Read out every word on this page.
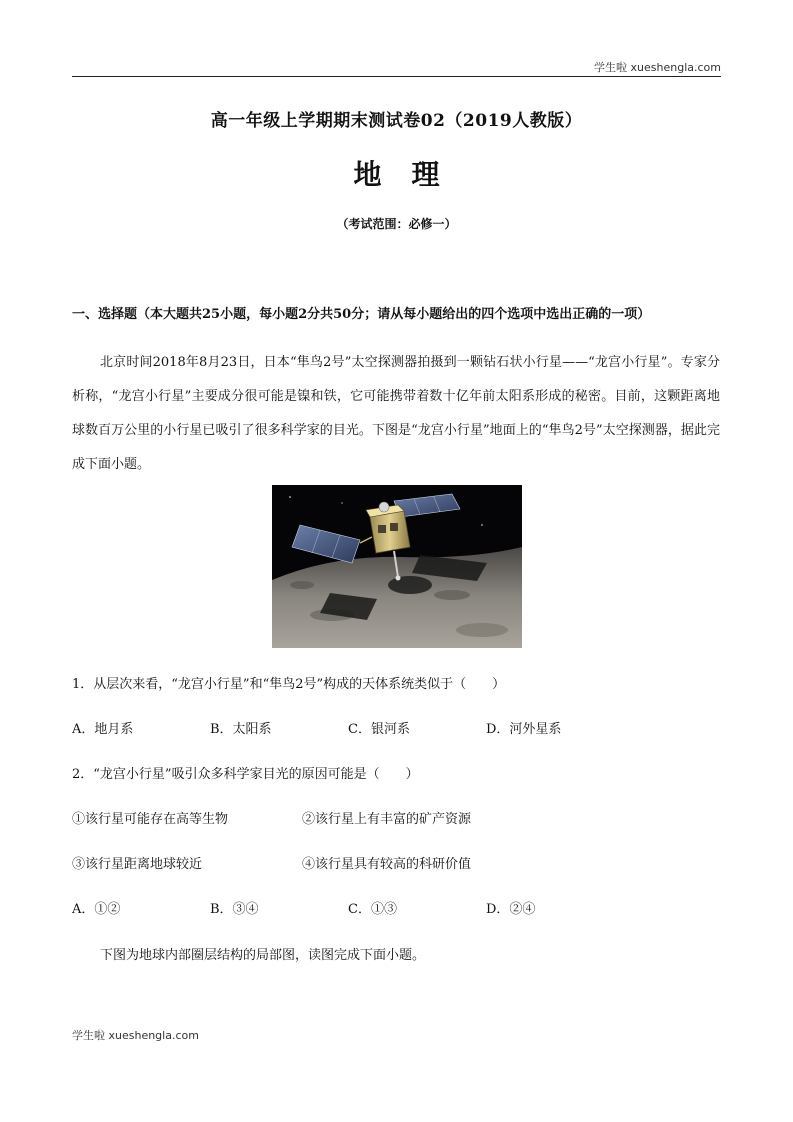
学生啦 xueshengla.com
高一年级上学期期末测试卷02（2019人教版）
地理
（考试范围：必修一）
一、选择题（本大题共25小题，每小题2分共50分；请从每小题给出的四个选项中选出正确的一项）

北京时间2018年8月23日，日本“隼鸟2号”太空探测器拍摄到一颗钻石状小行星——“龙宫小行星”。专家分析称，“龙宫小行星”主要成分很可能是镍和铁，它可能携带着数十亿年前太阳系形成的秘密。目前，这颗距离地球数百万公里的小行星已吸引了很多科学家的目光。下图是“龙宫小行星”地面上的“隼鸟2号”太空探测器，据此完成下面小题。

1．从层次来看，“龙宫小行星”和“隼鸟2号”构成的天体系统类似于（　　）
A．地月系	B．太阳系	C．银河系	D．河外星系
2．“龙宫小行星”吸引众多科学家目光的原因可能是（　　）
①该行星可能存在高等生物	②该行星上有丰富的矿产资源
③该行星距离地球较近	④该行星具有较高的科研价值
A．①②	B．③④	C．①③	D．②④
下图为地球内部圈层结构的局部图，读图完成下面小题。
学生啦 xueshengla.com
